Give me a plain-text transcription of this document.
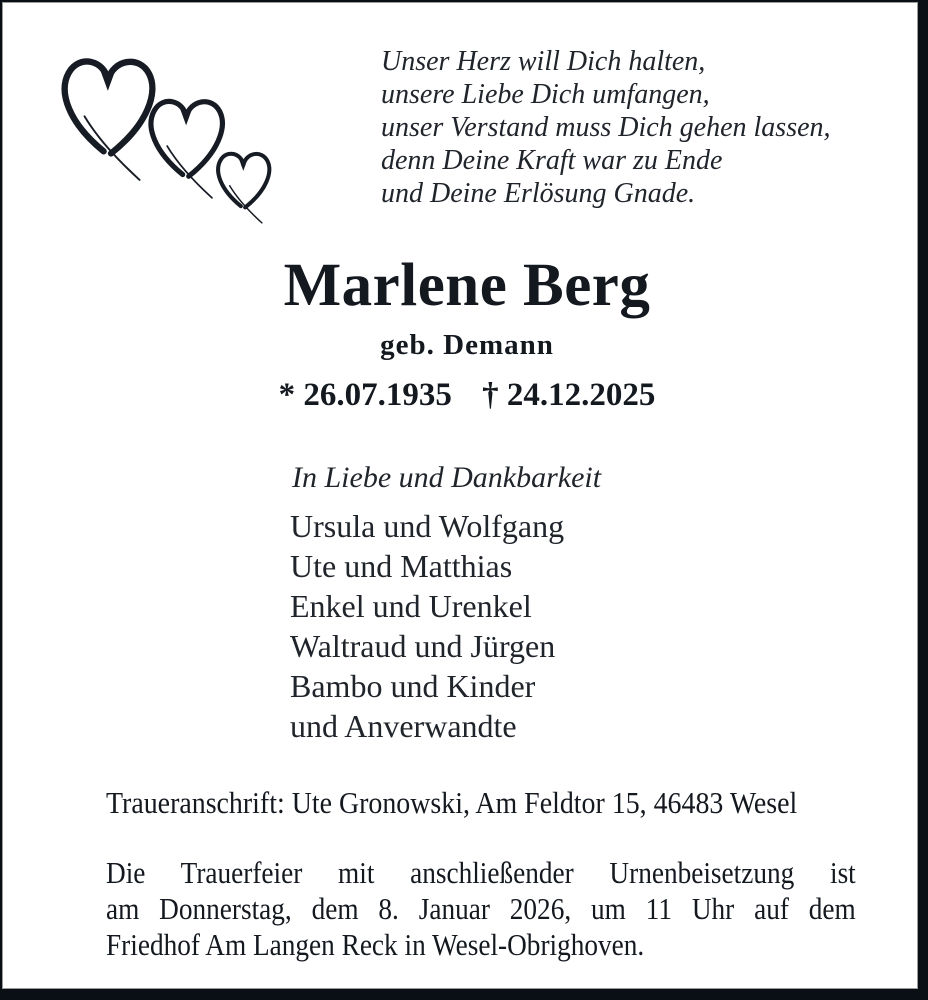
Unser Herz will Dich halten,
unsere Liebe Dich umfangen,
unser Verstand muss Dich gehen lassen,
denn Deine Kraft war zu Ende
und Deine Erlösung Gnade.
Marlene Berg
geb. Demann
* 26.07.1935 † 24.12.2025
In Liebe und Dankbarkeit
Ursula und Wolfgang
Ute und Matthias
Enkel und Urenkel
Waltraud und Jürgen
Bambo und Kinder
und Anverwandte
Traueranschrift: Ute Gronowski, Am Feldtor 15, 46483 Wesel
Die Trauerfeier mit anschließender Urnenbeisetzung ist
am Donnerstag, dem 8. Januar 2026, um 11 Uhr auf dem
Friedhof Am Langen Reck in Wesel-Obrighoven.
